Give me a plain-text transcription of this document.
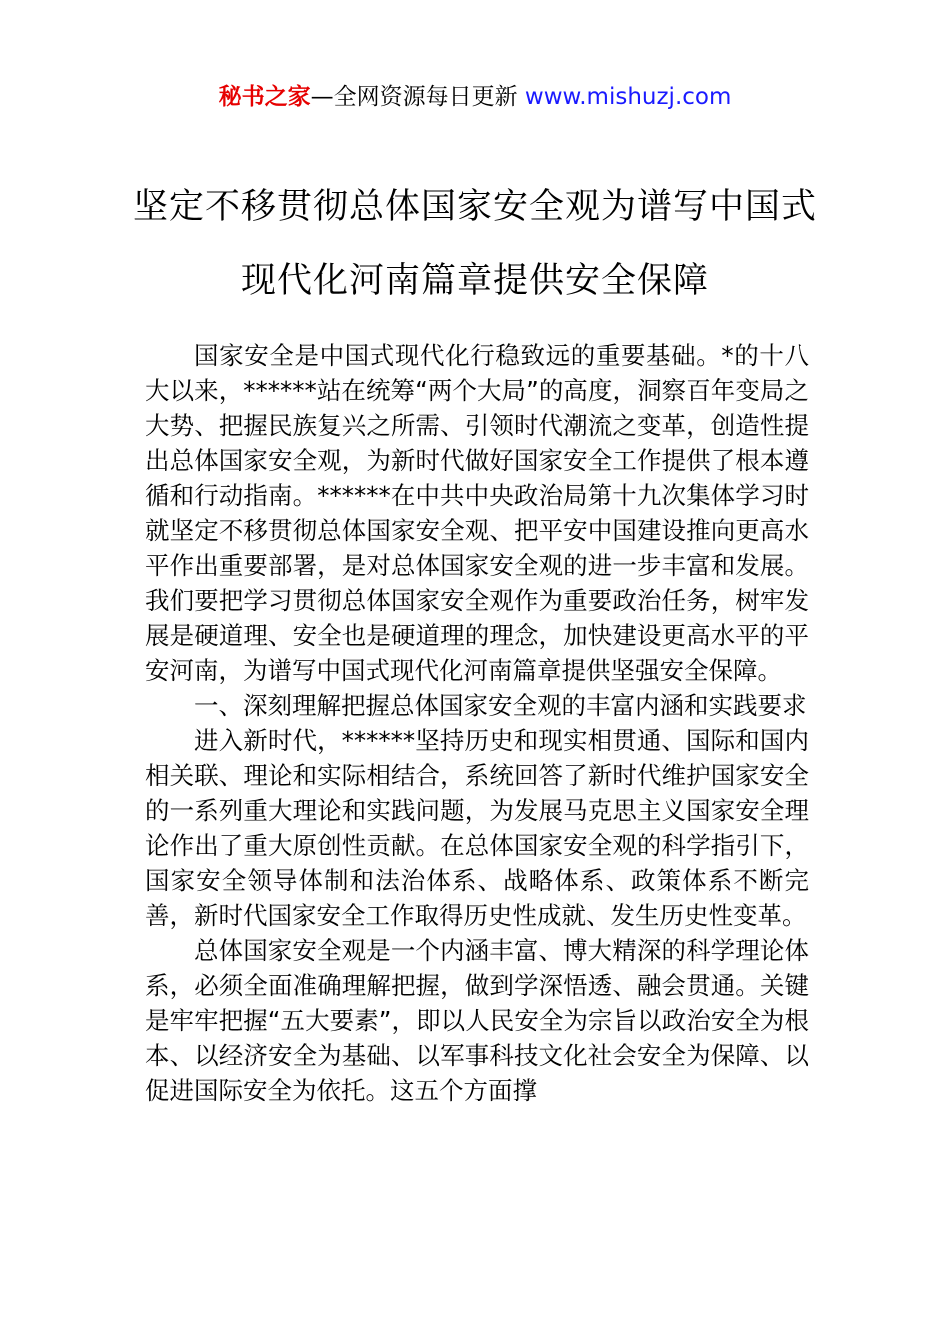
秘书之家—全网资源每日更新 www.mishuzj.com
坚定不移贯彻总体国家安全观为谱写中国式现代化河南篇章提供安全保障

国家安全是中国式现代化行稳致远的重要基础。*的十八大以来，******站在统筹“两个大局”的高度，洞察百年变局之大势、把握民族复兴之所需、引领时代潮流之变革，创造性提出总体国家安全观，为新时代做好国家安全工作提供了根本遵循和行动指南。******在中共中央政治局第十九次集体学习时就坚定不移贯彻总体国家安全观、把平安中国建设推向更高水平作出重要部署，是对总体国家安全观的进一步丰富和发展。我们要把学习贯彻总体国家安全观作为重要政治任务，树牢发展是硬道理、安全也是硬道理的理念，加快建设更高水平的平安河南，为谱写中国式现代化河南篇章提供坚强安全保障。

一、深刻理解把握总体国家安全观的丰富内涵和实践要求

进入新时代，******坚持历史和现实相贯通、国际和国内相关联、理论和实际相结合，系统回答了新时代维护国家安全的一系列重大理论和实践问题，为发展马克思主义国家安全理论作出了重大原创性贡献。在总体国家安全观的科学指引下，国家安全领导体制和法治体系、战略体系、政策体系不断完善，新时代国家安全工作取得历史性成就、发生历史性变革。

总体国家安全观是一个内涵丰富、博大精深的科学理论体系，必须全面准确理解把握，做到学深悟透、融会贯通。关键是牢牢把握“五大要素”，即以人民安全为宗旨以政治安全为根本、以经济安全为基础、以军事科技文化社会安全为保障、以促进国际安全为依托。这五个方面撑
